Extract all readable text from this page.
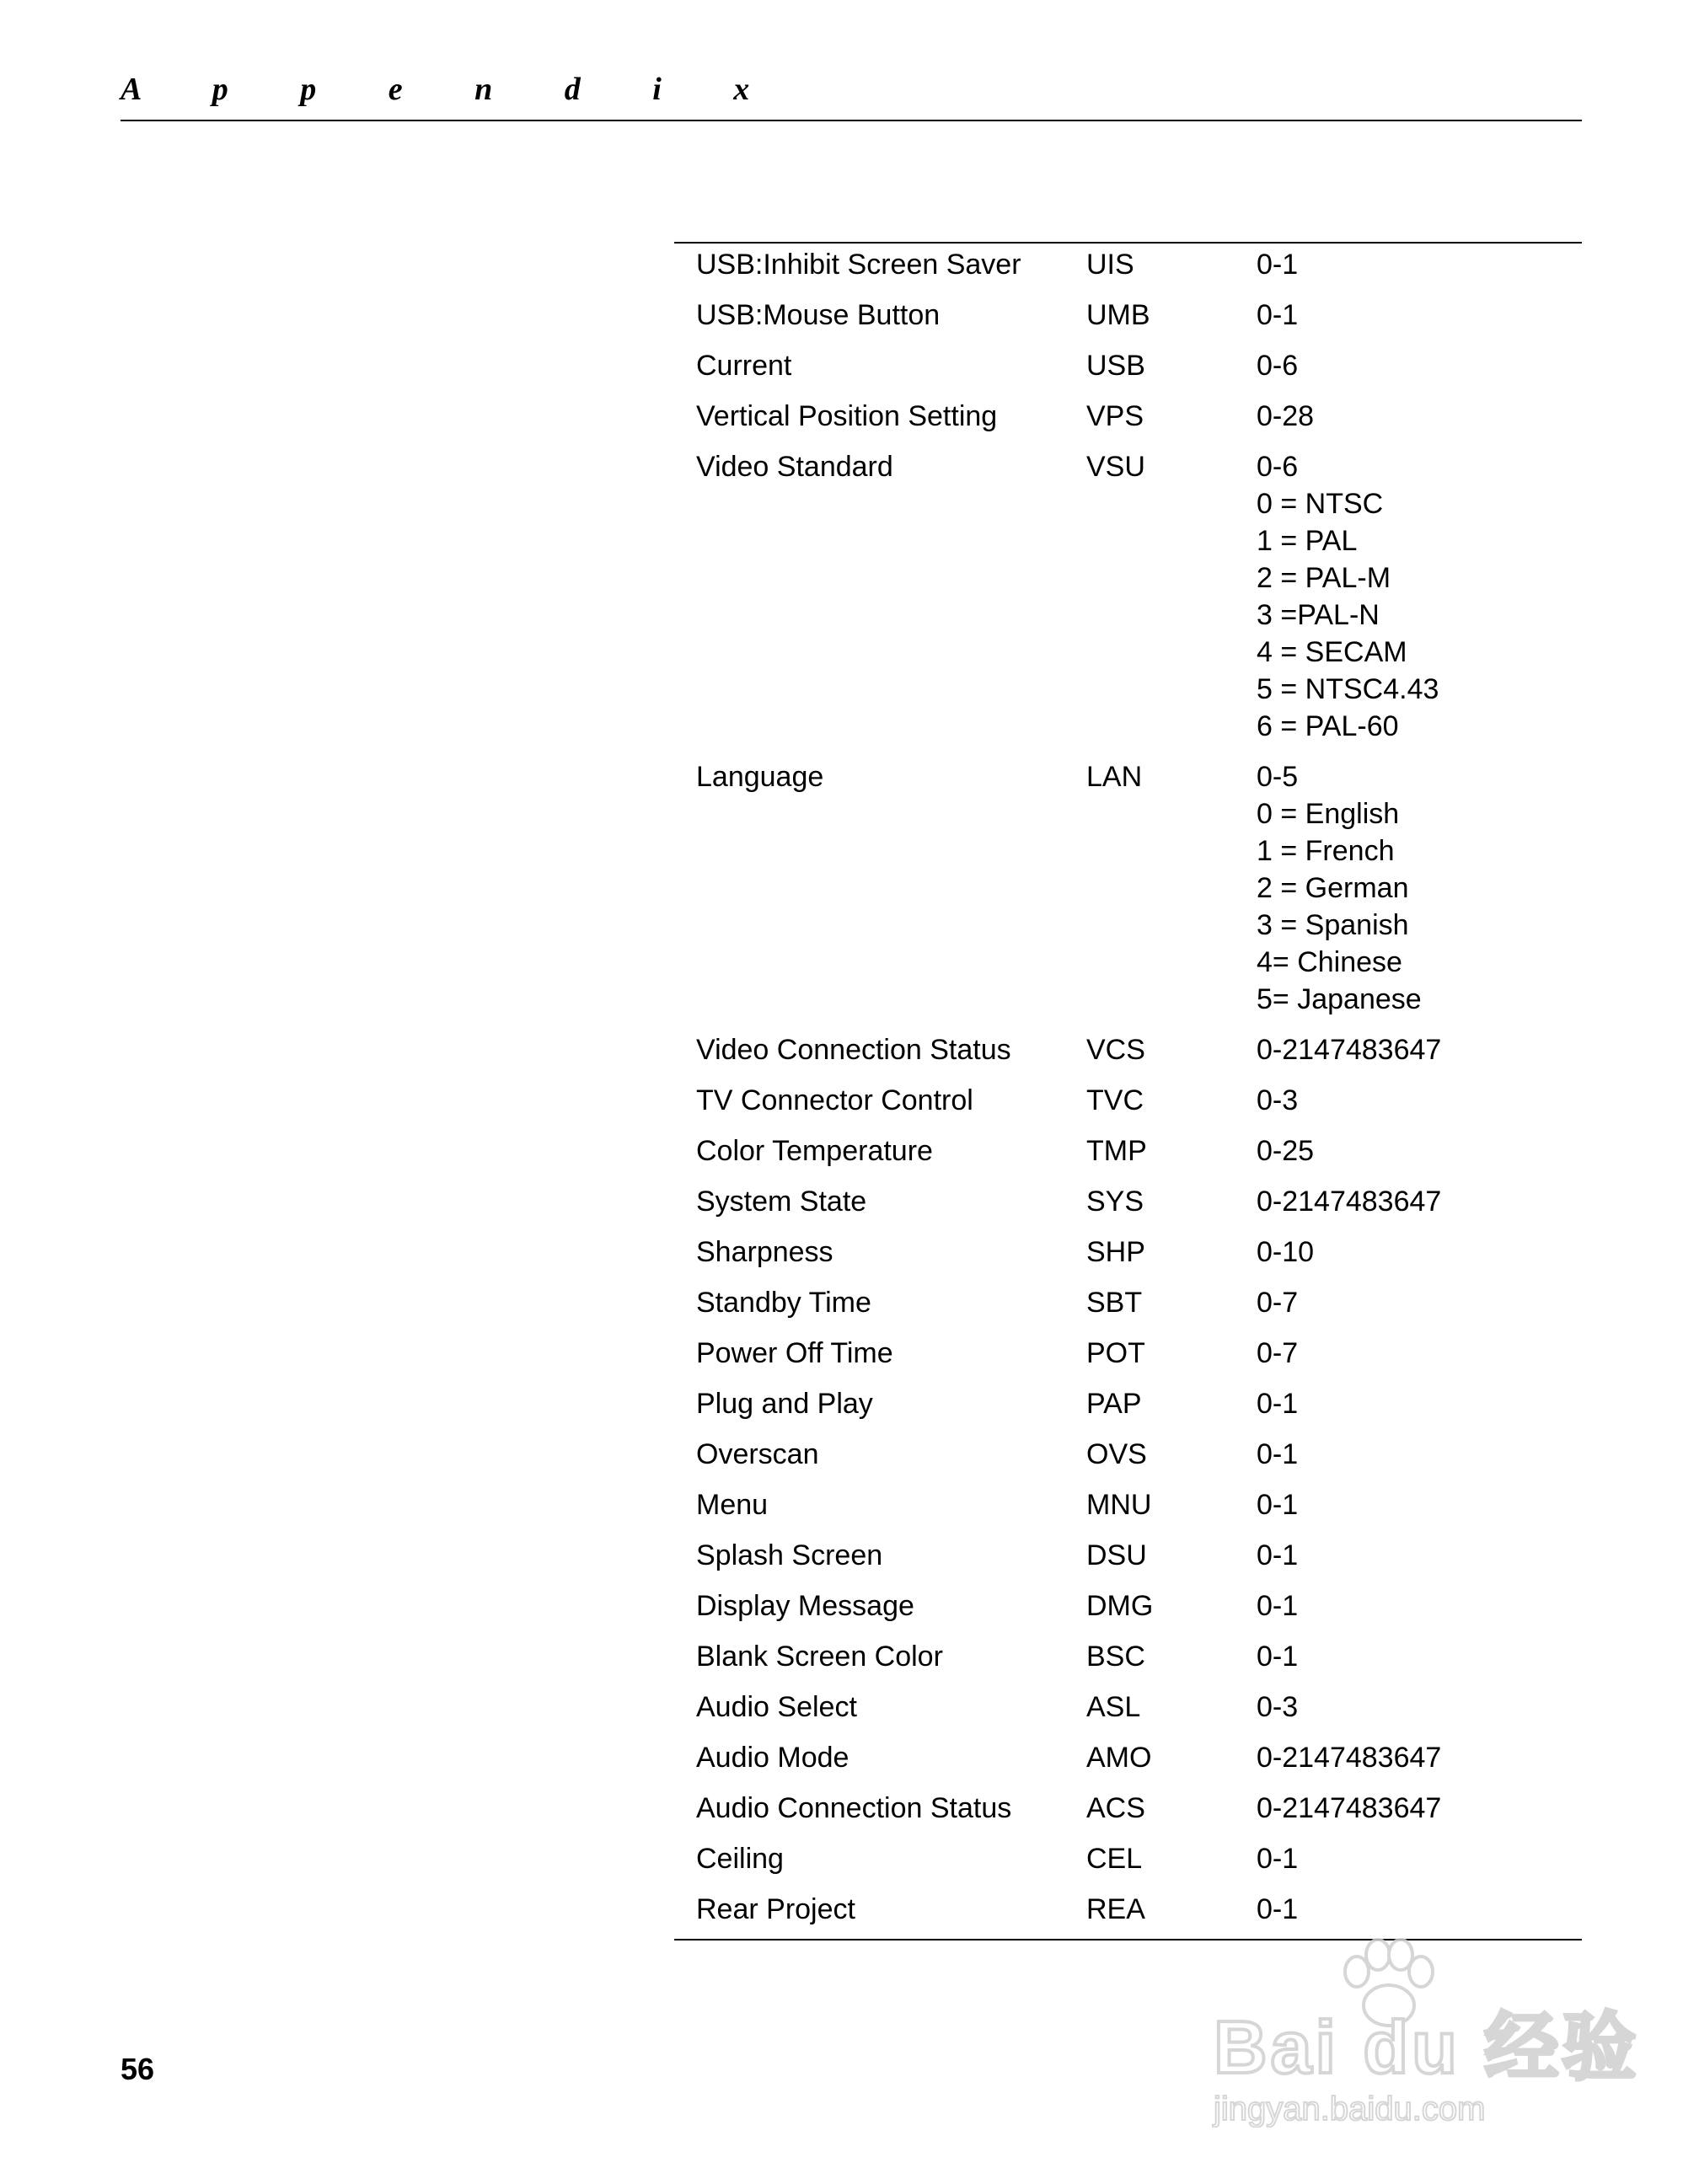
A p p e n d i x
USB:Inhibit Screen Saver	UIS	0-1
USB:Mouse Button	UMB	0-1
Current	USB	0-6
Vertical Position Setting	VPS	0-28
Video Standard	VSU	0-6
0 = NTSC
1 = PAL
2 = PAL-M
3 =PAL-N
4 = SECAM
5 = NTSC4.43
6 = PAL-60
Language	LAN	0-5
0 = English
1 = French
2 = German
3 = Spanish
4= Chinese
5= Japanese
Video Connection Status	VCS	0-2147483647
TV Connector Control	TVC	0-3
Color Temperature	TMP	0-25
System State	SYS	0-2147483647
Sharpness	SHP	0-10
Standby Time	SBT	0-7
Power Off Time	POT	0-7
Plug and Play	PAP	0-1
Overscan	OVS	0-1
Menu	MNU	0-1
Splash Screen	DSU	0-1
Display Message	DMG	0-1
Blank Screen Color	BSC	0-1
Audio Select	ASL	0-3
Audio Mode	AMO	0-2147483647
Audio Connection Status	ACS	0-2147483647
Ceiling	CEL	0-1
Rear Project	REA	0-1
56	Bai du 经验
jingyan.baidu.com
